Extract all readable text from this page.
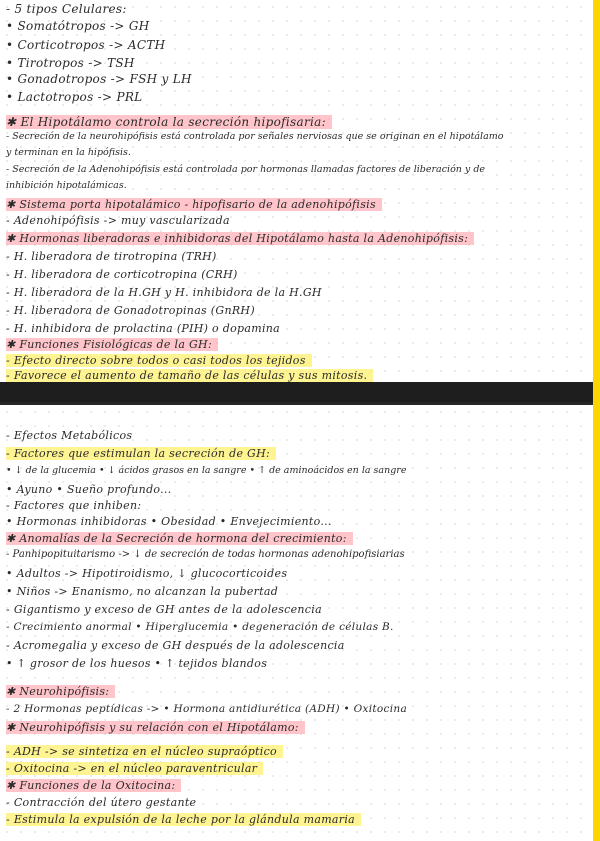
- 5 tipos Celulares:
• Somatótropos -> GH
• Corticotropos -> ACTH
• Tirotropos -> TSH
• Gonadotropos -> FSH y LH
• Lactotropos -> PRL
✱ El Hipotálamo controla la secreción hipofisaria:
- Secreción de la neurohipófisis está controlada por señales nerviosas que se originan en el hipotálamo
y terminan en la hipófisis.
- Secreción de la Adenohipófisis está controlada por hormonas llamadas factores de liberación y de
inhibición hipotalámicas.
✱ Sistema porta hipotalámico - hipofisario de la adenohipófisis
- Adenohipófisis -> muy vascularizada
✱ Hormonas liberadoras e inhibidoras del Hipotálamo hasta la Adenohipófisis:
- H. liberadora de tirotropina (TRH)
- H. liberadora de corticotropina (CRH)
- H. liberadora de la H.GH y H. inhibidora de la H.GH
- H. liberadora de Gonadotropinas (GnRH)
- H. inhibidora de prolactina (PIH) o dopamina
✱ Funciones Fisiológicas de la GH:
- Efecto directo sobre todos o casi todos los tejidos
- Favorece el aumento de tamaño de las células y sus mitosis.
- Efectos Metabólicos
- Factores que estimulan la secreción de GH:
• ↓ de la glucemia • ↓ ácidos grasos en la sangre • ↑ de aminoácidos en la sangre
• Ayuno • Sueño profundo...
- Factores que inhiben:
• Hormonas inhibidoras • Obesidad • Envejecimiento...
✱ Anomalías de la Secreción de hormona del crecimiento:
- Panhipopituitarismo -> ↓ de secreción de todas hormonas adenohipofisiarias
• Adultos -> Hipotiroidismo, ↓ glucocorticoides
• Niños -> Enanismo, no alcanzan la pubertad
- Gigantismo y exceso de GH antes de la adolescencia
- Crecimiento anormal • Hiperglucemia • degeneración de células B.
- Acromegalia y exceso de GH después de la adolescencia
• ↑ grosor de los huesos • ↑ tejidos blandos
✱ Neurohipófisis:
- 2 Hormonas peptídicas -> • Hormona antidiurética (ADH) • Oxitocina
✱ Neurohipófisis y su relación con el Hipotálamo:
- ADH -> se sintetiza en el núcleo supraóptico
- Oxitocina -> en el núcleo paraventricular
✱ Funciones de la Oxitocina:
- Contracción del útero gestante
- Estimula la expulsión de la leche por la glándula mamaria
